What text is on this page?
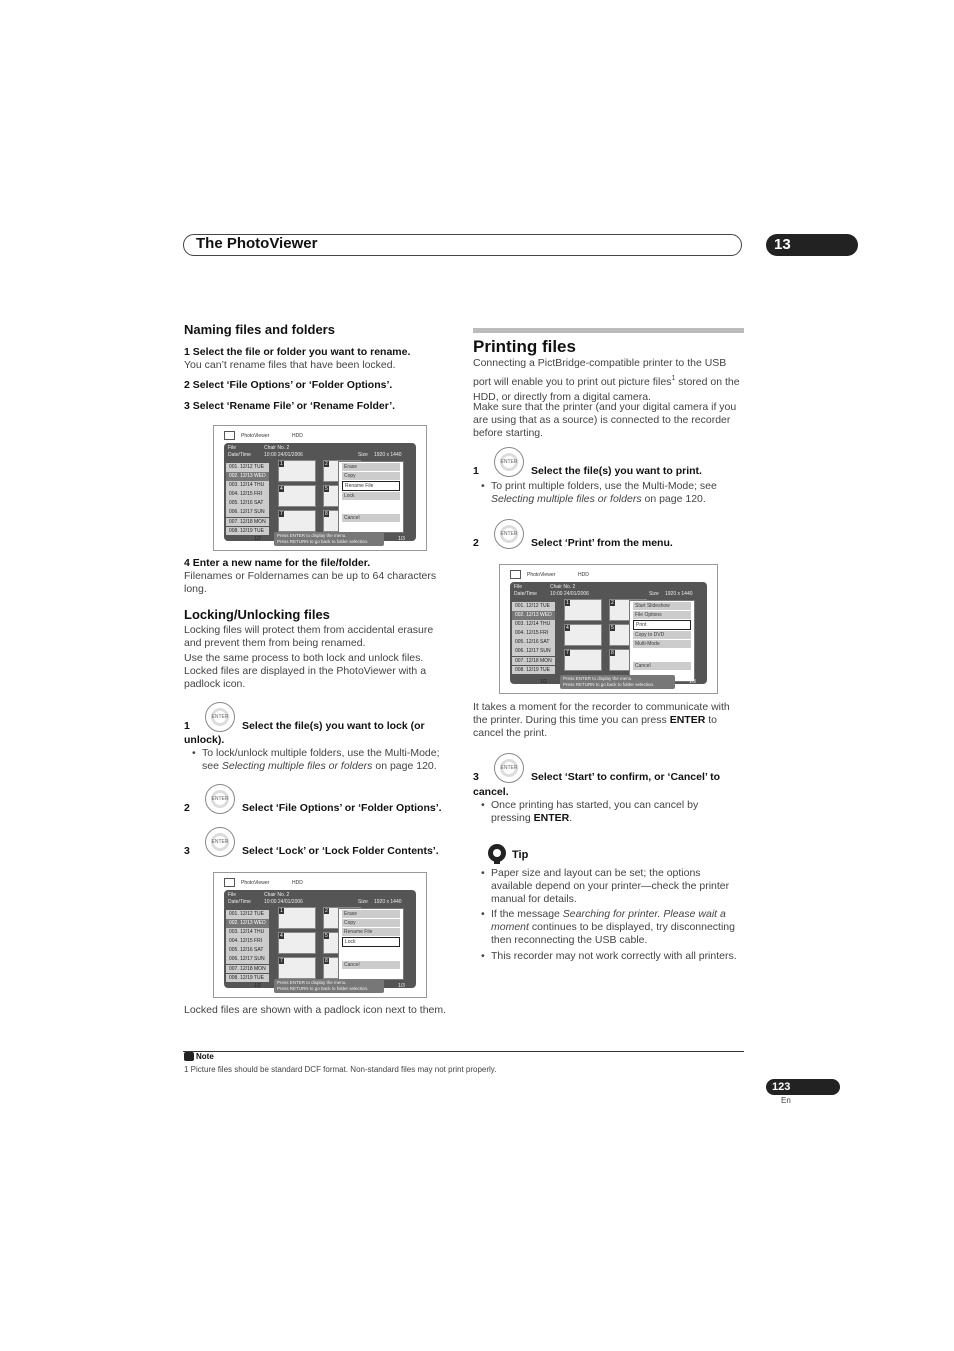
The PhotoViewer	13
Naming files and folders
1 Select the file or folder you want to rename.
You can’t rename files that have been locked.
2 Select ‘File Options’ or ‘Folder Options’.
3 Select ‘Rename File’ or ‘Rename Folder’.
PhotoViewer	HDD
File	Chair No. 2
Date/Time	10:00 24/01/2006	Size 1920 x 1440
001. 12/12 TUE
002. 12/13 WED
003. 12/14 THU
004. 12/15 FRI
005. 12/16 SAT
006. 12/17 SUN
007. 12/18 MON
008. 12/19 TUE
1/2
1	2
4	5
7	8
Erase
Copy
Rename File
Lock
Cancel
Press ENTER to display the menu.
Press RETURN to go back to folder selection.	1/3
4 Enter a new name for the file/folder.
Filenames or Foldernames can be up to 64 characters long.
Locking/Unlocking files
Locking files will protect them from accidental erasure and prevent them from being renamed.
Use the same process to both lock and unlock files. Locked files are displayed in the PhotoViewer with a padlock icon.
1
ENTER
Select the file(s) you want to lock (or
unlock).
• To lock/unlock multiple folders, use the Multi-Mode;
see Selecting multiple files or folders on page 120.
2
ENTER
Select ‘File Options’ or ‘Folder Options’.
3
ENTER
Select ‘Lock’ or ‘Lock Folder Contents’.
PhotoViewer	HDD
File	Chair No. 2
Date/Time	10:00 24/01/2006	Size 1920 x 1440
001. 12/12 TUE
002. 12/13 WED
003. 12/14 THU
004. 12/15 FRI
005. 12/16 SAT
006. 12/17 SUN
007. 12/18 MON
008. 12/19 TUE
1/2
1	2
4	5
7	8
Erase
Copy
Rename File
Lock
Cancel
Press ENTER to display the menu.
Press RETURN to go back to folder selection.	1/3
Locked files are shown with a padlock icon next to them.
Printing files
Connecting a PictBridge-compatible printer to the USB port will enable you to print out picture files$^1$ stored on the HDD, or directly from a digital camera.
Make sure that the printer (and your digital camera if you are using that as a source) is connected to the recorder before starting.
1
ENTER
Select the file(s) you want to print.
• To print multiple folders, use the Multi-Mode; see
Selecting multiple files or folders on page 120.
2
ENTER
Select ‘Print’ from the menu.
PhotoViewer	HDD
File	Chair No. 2
Date/Time	10:00 24/01/2006	Size 1920 x 1440
001. 12/12 TUE
002. 12/13 WED
003. 12/14 THU
004. 12/15 FRI
005. 12/16 SAT
006. 12/17 SUN
007. 12/18 MON
008. 12/19 TUE
1/2
1	2
4	5
7	8
Start Slideshow
File Options
Print
Copy to DVD
Multi-Mode
Cancel
Press ENTER to display the menu.
Press RETURN to go back to folder selection.	1/3
It takes a moment for the recorder to communicate with the printer. During this time you can press ENTER to cancel the print.
3
ENTER
Select ‘Start’ to confirm, or ‘Cancel’ to
cancel.
• Once printing has started, you can cancel by pressing ENTER.
Tip
• Paper size and layout can be set; the options available depend on your printer—check the printer manual for details.
• If the message Searching for printer. Please wait a moment continues to be displayed, try disconnecting then reconnecting the USB cable.
• This recorder may not work correctly with all printers.
Note
1 Picture files should be standard DCF format. Non-standard files may not print properly.
123
En
